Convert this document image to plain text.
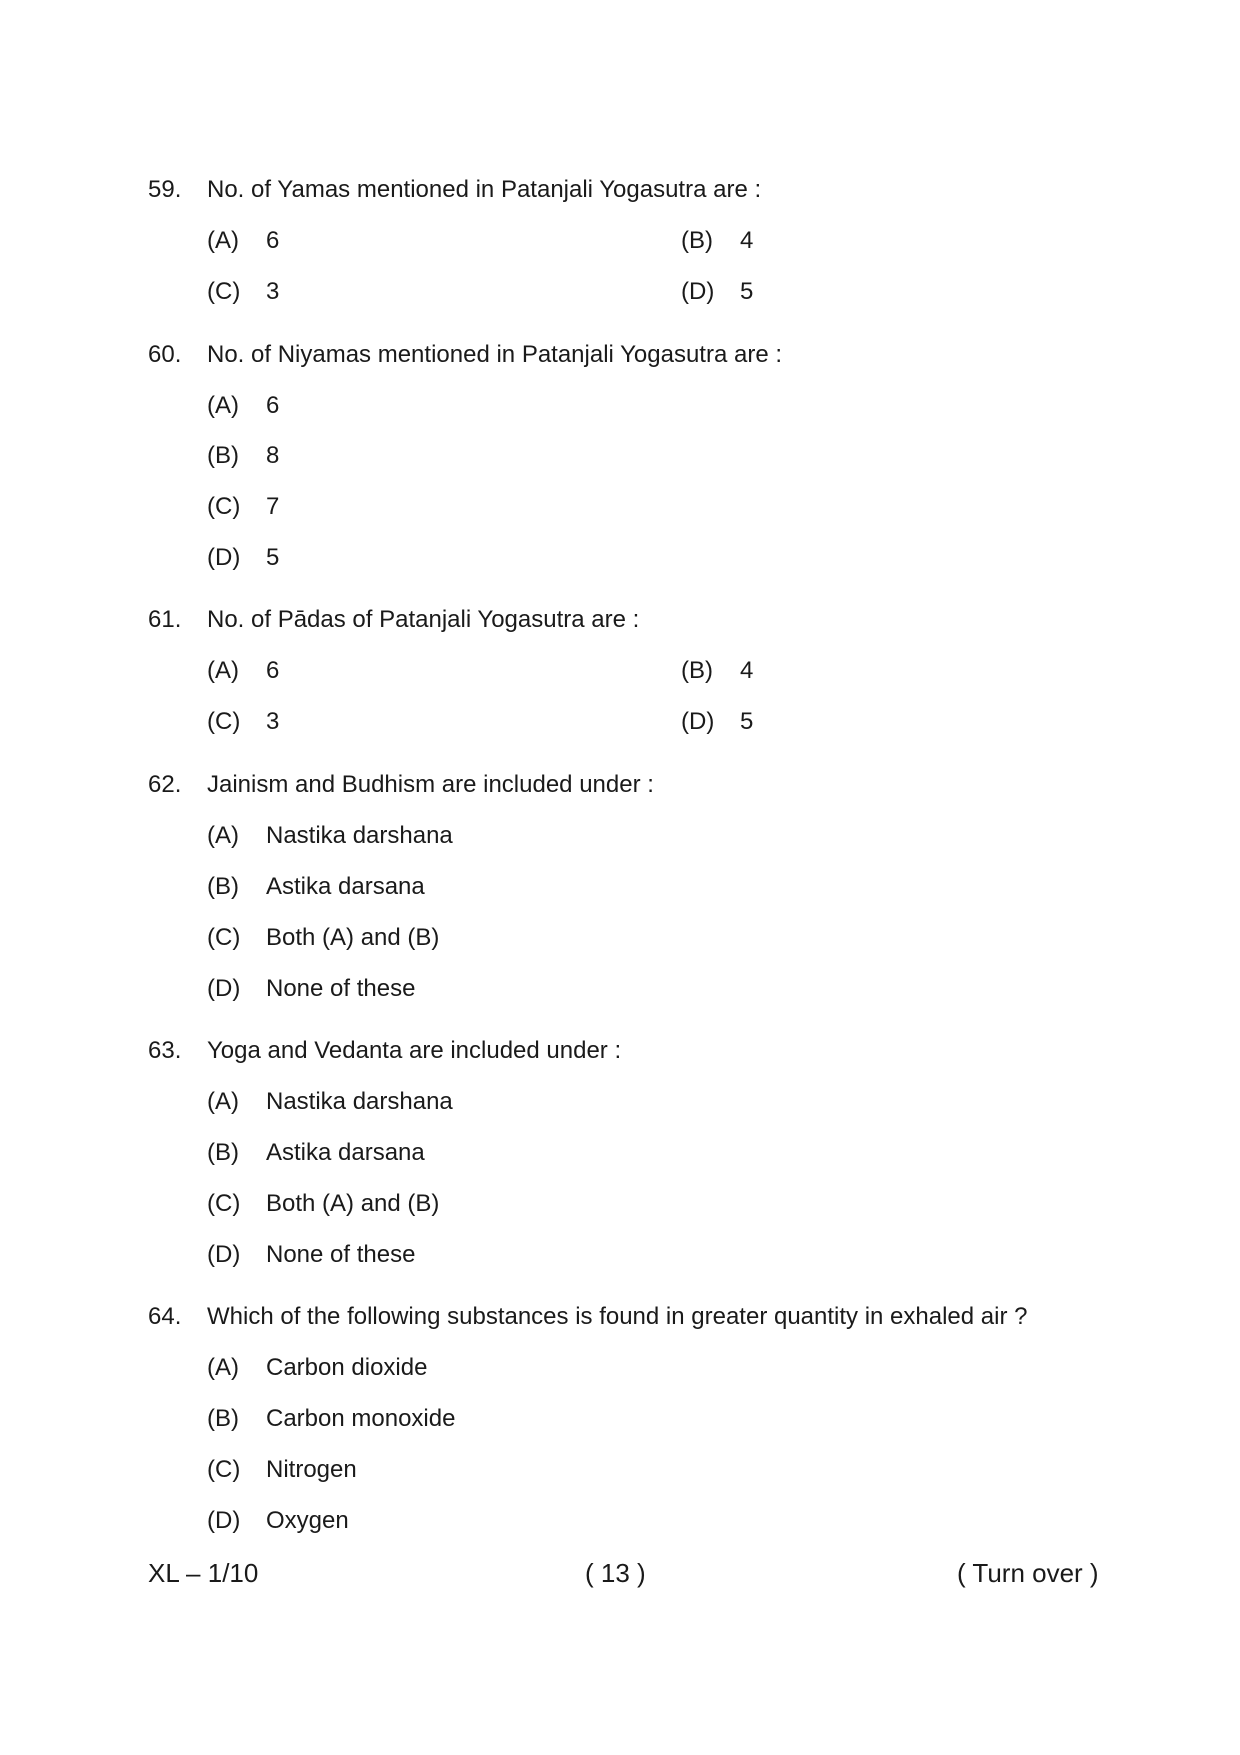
59. No. of Yamas mentioned in Patanjali Yogasutra are :
(A) 6	(B) 4
(C) 3	(D) 5
60. No. of Niyamas mentioned in Patanjali Yogasutra are :
(A) 6
(B) 8
(C) 7
(D) 5
61. No. of Pādas of Patanjali Yogasutra are :
(A) 6	(B) 4
(C) 3	(D) 5
62. Jainism and Budhism are included under :
(A) Nastika darshana
(B) Astika darsana
(C) Both (A) and (B)
(D) None of these
63. Yoga and Vedanta are included under :
(A) Nastika darshana
(B) Astika darsana
(C) Both (A) and (B)
(D) None of these
64. Which of the following substances is found in greater quantity in exhaled air ?
(A) Carbon dioxide
(B) Carbon monoxide
(C) Nitrogen
(D) Oxygen
XL – 1/10	( 13 )	( Turn over )
